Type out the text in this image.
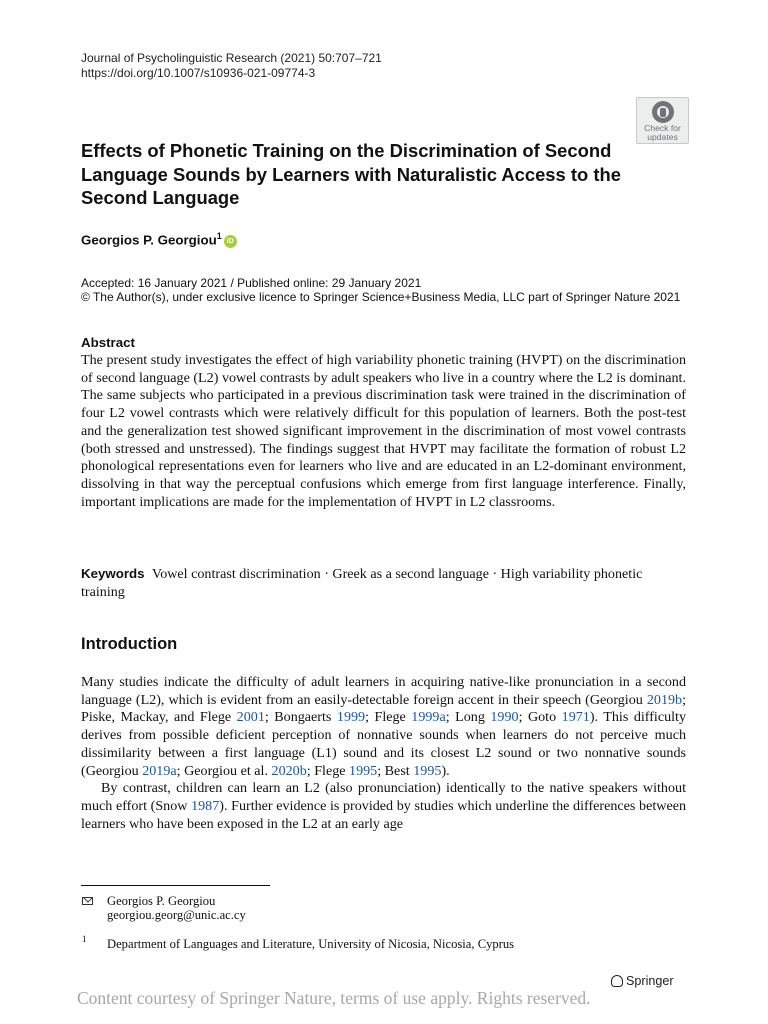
Journal of Psycholinguistic Research (2021) 50:707–721
https://doi.org/10.1007/s10936-021-09774-3
Check for
updates
Effects of Phonetic Training on the Discrimination of Second Language Sounds by Learners with Naturalistic Access to the Second Language
Georgios P. Georgiou$^1$iD
Accepted: 16 January 2021 / Published online: 29 January 2021
© The Author(s), under exclusive licence to Springer Science+Business Media, LLC part of Springer Nature 2021
Abstract
The present study investigates the effect of high variability phonetic training (HVPT) on the discrimination of second language (L2) vowel contrasts by adult speakers who live in a country where the L2 is dominant. The same subjects who participated in a previous discrimination task were trained in the discrimination of four L2 vowel contrasts which were relatively difficult for this population of learners. Both the post-test and the generalization test showed significant improvement in the discrimination of most vowel contrasts (both stressed and unstressed). The findings suggest that HVPT may facilitate the formation of robust L2 phonological representations even for learners who live and are educated in an L2-dominant environment, dissolving in that way the perceptual confusions which emerge from first language interference. Finally, important implications are made for the implementation of HVPT in L2 classrooms.
Keywords Vowel contrast discrimination · Greek as a second language · High variability phonetic training
Introduction

Many studies indicate the difficulty of adult learners in acquiring native-like pronunciation in a second language (L2), which is evident from an easily-detectable foreign accent in their speech (Georgiou 2019b; Piske, Mackay, and Flege 2001; Bongaerts 1999; Flege 1999a; Long 1990; Goto 1971). This difficulty derives from possible deficient perception of nonnative sounds when learners do not perceive much dissimilarity between a first language (L1) sound and its closest L2 sound or two nonnative sounds (Georgiou 2019a; Georgiou et al. 2020b; Flege 1995; Best 1995).

By contrast, children can learn an L2 (also pronunciation) identically to the native speakers without much effort (Snow 1987). Further evidence is provided by studies which underline the differences between learners who have been exposed in the L2 at an early age

Georgios P. Georgiou
georgiou.georg@unic.ac.cy
1 Department of Languages and Literature, University of Nicosia, Nicosia, Cyprus
Springer
Content courtesy of Springer Nature, terms of use apply. Rights reserved.
